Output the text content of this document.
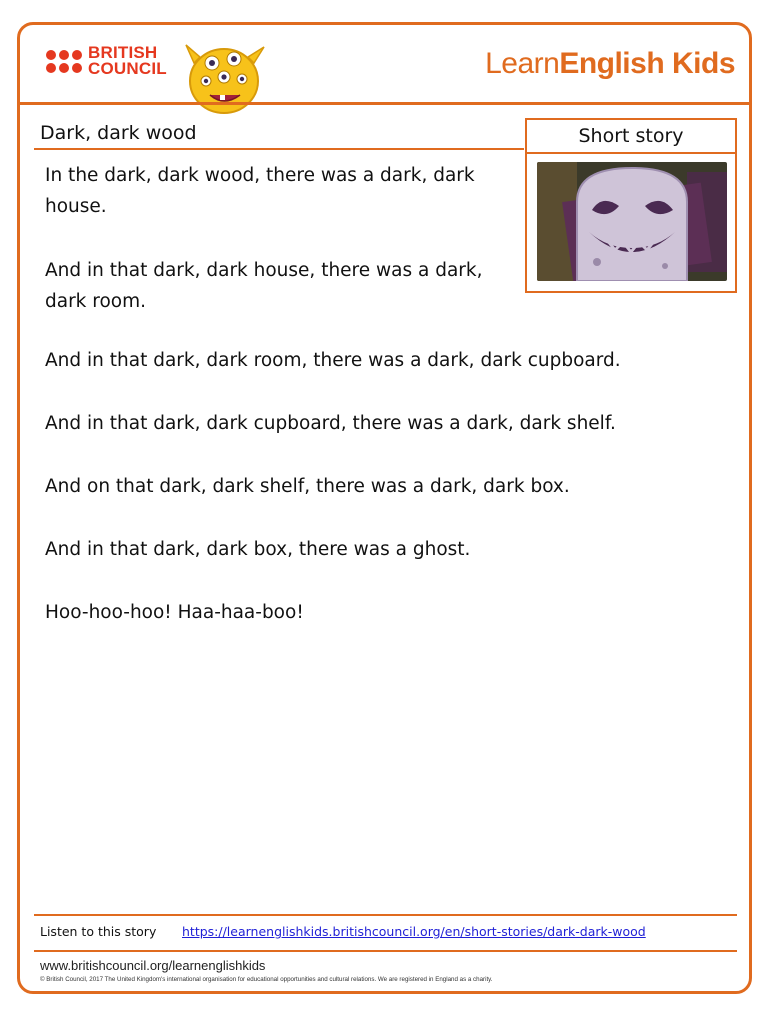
BRITISH
COUNCIL	LearnEnglish Kids
Dark, dark wood	Short story

In the dark, dark wood, there was a dark, dark house.

And in that dark, dark house, there was a dark, dark room.

And in that dark, dark room, there was a dark, dark cupboard.

And in that dark, dark cupboard, there was a dark, dark shelf.

And on that dark, dark shelf, there was a dark, dark box.

And in that dark, dark box, there was a ghost.

Hoo-hoo-hoo! Haa-haa-boo!

Listen to this story https://learnenglishkids.britishcouncil.org/en/short-stories/dark-dark-wood
www.britishcouncil.org/learnenglishkids
© British Council, 2017 The United Kingdom's international organisation for educational opportunities and cultural relations. We are registered in England as a charity.
